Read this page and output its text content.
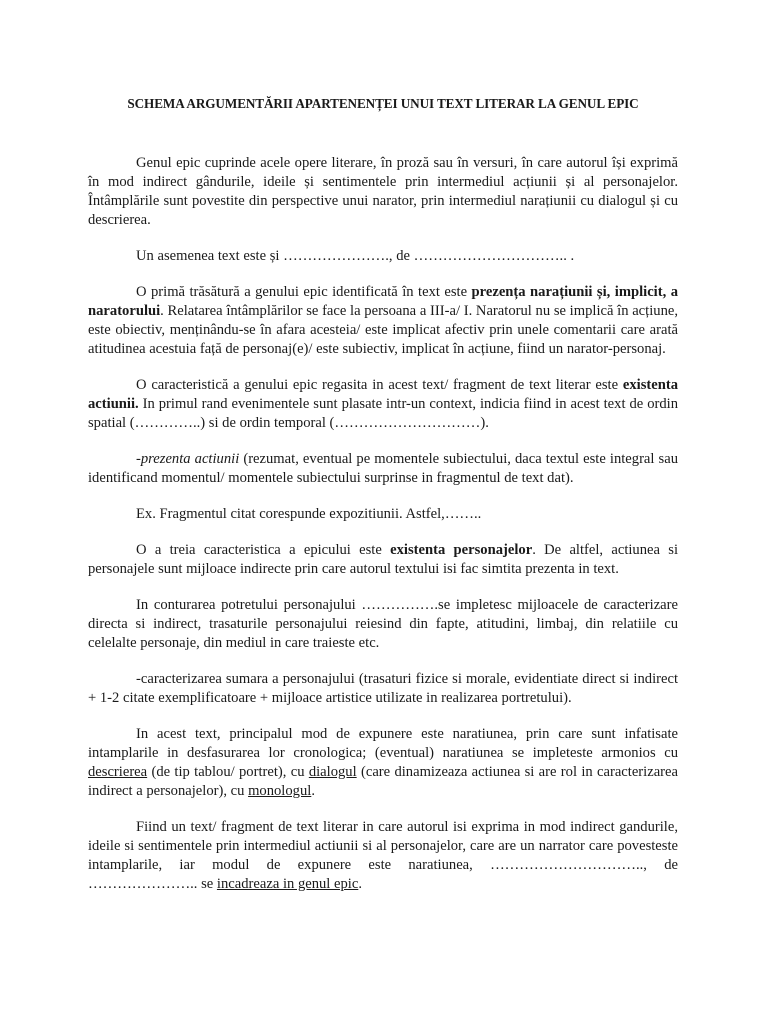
SCHEMA ARGUMENTĂRII APARTENENȚEI UNUI TEXT LITERAR LA GENUL EPIC

Genul epic cuprinde acele opere literare, în proză sau în versuri, în care autorul își exprimă în mod indirect gândurile, ideile și sentimentele prin intermediul acțiunii și al personajelor. Întâmplările sunt povestite din perspective unui narator, prin intermediul narațiunii cu dialogul și cu descrierea.

Un asemenea text este și …………………., de ………………………….. .

O primă trăsătură a genului epic identificată în text este prezența narațiunii și, implicit, a naratorului. Relatarea întâmplărilor se face la persoana a III-a/ I. Naratorul nu se implică în acțiune, este obiectiv, menținându-se în afara acesteia/ este implicat afectiv prin unele comentarii care arată atitudinea acestuia față de personaj(e)/ este subiectiv, implicat în acțiune, fiind un narator-personaj.

O caracteristică a genului epic regasita in acest text/ fragment de text literar este existenta actiunii. In primul rand evenimentele sunt plasate intr-un context, indicia fiind in acest text de ordin spatial (…………..) si de ordin temporal (…………………………).

-prezenta actiunii (rezumat, eventual pe momentele subiectului, daca textul este integral sau identificand momentul/ momentele subiectului surprinse in fragmentul de text dat).

Ex. Fragmentul citat corespunde expozitiunii. Astfel,……..

O a treia caracteristica a epicului este existenta personajelor. De altfel, actiunea si personajele sunt mijloace indirecte prin care autorul textului isi fac simtita prezenta in text.

In conturarea potretului personajului …………….se impletesc mijloacele de caracterizare directa si indirect, trasaturile personajului reiesind din fapte, atitudini, limbaj, din relatiile cu celelalte personaje, din mediul in care traieste etc.

-caracterizarea sumara a personajului (trasaturi fizice si morale, evidentiate direct si indirect + 1-2 citate exemplificatoare + mijloace artistice utilizate in realizarea portretului).

In acest text, principalul mod de expunere este naratiunea, prin care sunt infatisate intamplarile in desfasurarea lor cronologica; (eventual) naratiunea se impleteste armonios cu descrierea (de tip tablou/ portret), cu dialogul (care dinamizeaza actiunea si are rol in caracterizarea indirect a personajelor), cu monologul.

Fiind un text/ fragment de text literar in care autorul isi exprima in mod indirect gandurile, ideile si sentimentele prin intermediul actiunii si al personajelor, care are un narrator care povesteste intamplarile, iar modul de expunere este naratiunea, ………………………….., de ………………….. se incadreaza in genul epic.
